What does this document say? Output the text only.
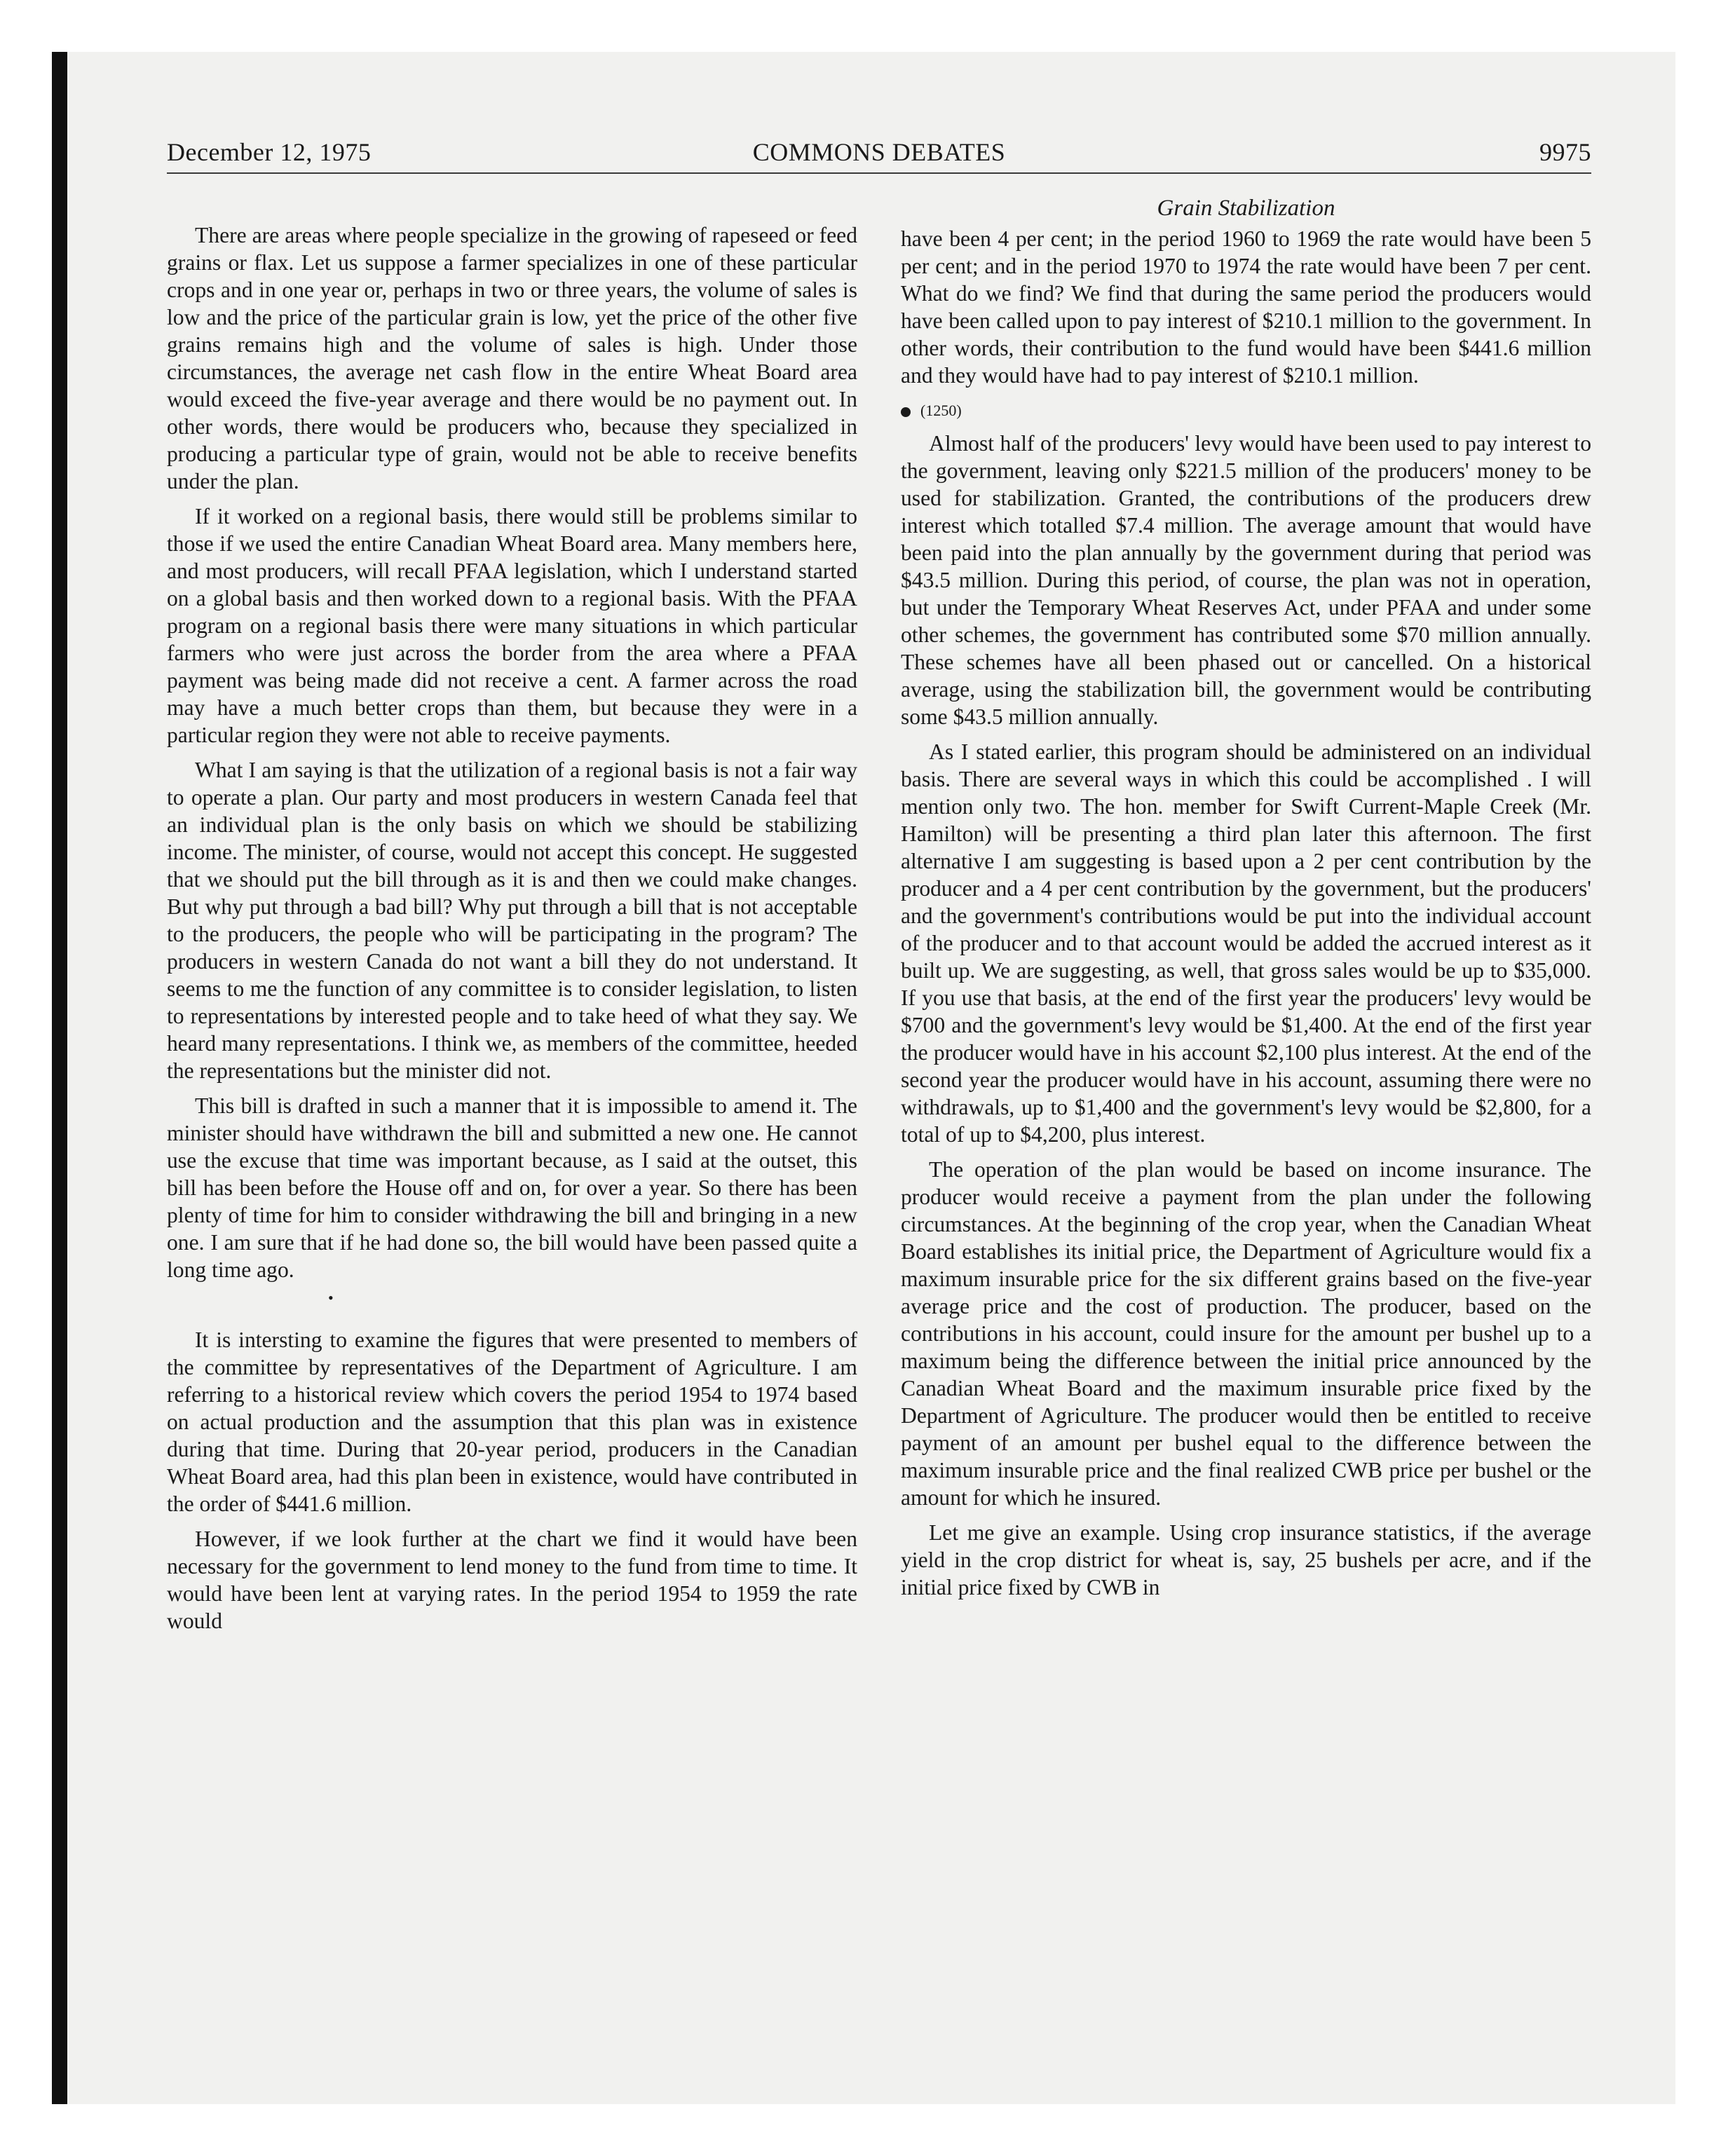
December 12, 1975	COMMONS DEBATES	9975

There are areas where people specialize in the growing of rapeseed or feed grains or flax. Let us suppose a farmer specializes in one of these particular crops and in one year or, perhaps in two or three years, the volume of sales is low and the price of the particular grain is low, yet the price of the other five grains remains high and the volume of sales is high. Under those circumstances, the average net cash flow in the entire Wheat Board area would exceed the five-year average and there would be no payment out. In other words, there would be producers who, because they specialized in producing a particular type of grain, would not be able to receive benefits under the plan.

If it worked on a regional basis, there would still be problems similar to those if we used the entire Canadian Wheat Board area. Many members here, and most producers, will recall PFAA legislation, which I understand started on a global basis and then worked down to a regional basis. With the PFAA program on a regional basis there were many situations in which particular farmers who were just across the border from the area where a PFAA payment was being made did not receive a cent. A farmer across the road may have a much better crops than them, but because they were in a particular region they were not able to receive payments.

What I am saying is that the utilization of a regional basis is not a fair way to operate a plan. Our party and most producers in western Canada feel that an individual plan is the only basis on which we should be stabilizing income. The minister, of course, would not accept this concept. He suggested that we should put the bill through as it is and then we could make changes. But why put through a bad bill? Why put through a bill that is not acceptable to the producers, the people who will be participating in the program? The producers in western Canada do not want a bill they do not understand. It seems to me the function of any committee is to consider legislation, to listen to representations by interested people and to take heed of what they say. We heard many representations. I think we, as members of the committee, heeded the representations but the minister did not.

This bill is drafted in such a manner that it is impossible to amend it. The minister should have withdrawn the bill and submitted a new one. He cannot use the excuse that time was important because, as I said at the outset, this bill has been before the House off and on, for over a year. So there has been plenty of time for him to consider withdrawing the bill and bringing in a new one. I am sure that if he had done so, the bill would have been passed quite a long time ago.

•

It is intersting to examine the figures that were presented to members of the committee by representatives of the Department of Agriculture. I am referring to a historical review which covers the period 1954 to 1974 based on actual production and the assumption that this plan was in existence during that time. During that 20-year period, producers in the Canadian Wheat Board area, had this plan been in existence, would have contributed in the order of $441.6 million.

However, if we look further at the chart we find it would have been necessary for the government to lend money to the fund from time to time. It would have been lent at varying rates. In the period 1954 to 1959 the rate would

Grain Stabilization

have been 4 per cent; in the period 1960 to 1969 the rate would have been 5 per cent; and in the period 1970 to 1974 the rate would have been 7 per cent. What do we find? We find that during the same period the producers would have been called upon to pay interest of $210.1 million to the government. In other words, their contribution to the fund would have been $441.6 million and they would have had to pay interest of $210.1 million.

(1250)

Almost half of the producers' levy would have been used to pay interest to the government, leaving only $221.5 million of the producers' money to be used for stabilization. Granted, the contributions of the producers drew interest which totalled $7.4 million. The average amount that would have been paid into the plan annually by the government during that period was $43.5 million. During this period, of course, the plan was not in operation, but under the Temporary Wheat Reserves Act, under PFAA and under some other schemes, the government has contributed some $70 million annually. These schemes have all been phased out or cancelled. On a historical average, using the stabilization bill, the government would be contributing some $43.5 million annually.

As I stated earlier, this program should be administered on an individual basis. There are several ways in which this could be accomplished . I will mention only two. The hon. member for Swift Current-Maple Creek (Mr. Hamilton) will be presenting a third plan later this afternoon. The first alternative I am suggesting is based upon a 2 per cent contribution by the producer and a 4 per cent contribution by the government, but the producers' and the government's contributions would be put into the individual account of the producer and to that account would be added the accrued interest as it built up. We are suggesting, as well, that gross sales would be up to $35,000. If you use that basis, at the end of the first year the producers' levy would be $700 and the government's levy would be $1,400. At the end of the first year the producer would have in his account $2,100 plus interest. At the end of the second year the producer would have in his account, assuming there were no withdrawals, up to $1,400 and the government's levy would be $2,800, for a total of up to $4,200, plus interest.

The operation of the plan would be based on income insurance. The producer would receive a payment from the plan under the following circumstances. At the beginning of the crop year, when the Canadian Wheat Board establishes its initial price, the Department of Agriculture would fix a maximum insurable price for the six different grains based on the five-year average price and the cost of production. The producer, based on the contributions in his account, could insure for the amount per bushel up to a maximum being the difference between the initial price announced by the Canadian Wheat Board and the maximum insurable price fixed by the Department of Agriculture. The producer would then be entitled to receive payment of an amount per bushel equal to the difference between the maximum insurable price and the final realized CWB price per bushel or the amount for which he insured.

Let me give an example. Using crop insurance statistics, if the average yield in the crop district for wheat is, say, 25 bushels per acre, and if the initial price fixed by CWB in
